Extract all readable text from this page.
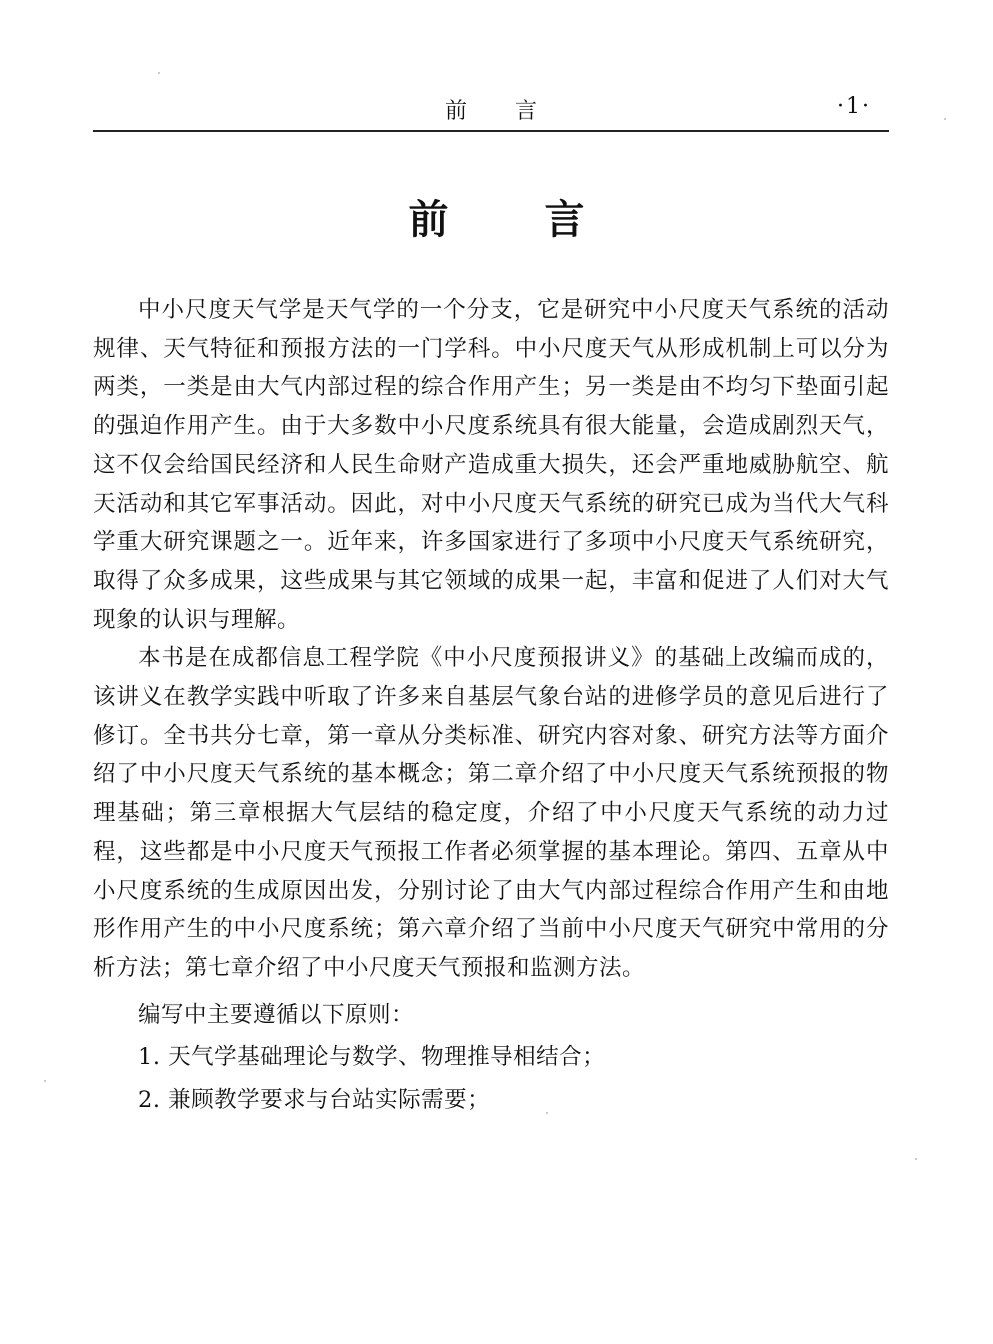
前言	·1·
前言

中小尺度天气学是天气学的一个分支，它是研究中小尺度天气系统的活动规律、天气特征和预报方法的一门学科。中小尺度天气从形成机制上可以分为两类，一类是由大气内部过程的综合作用产生；另一类是由不均匀下垫面引起的强迫作用产生。由于大多数中小尺度系统具有很大能量，会造成剧烈天气，这不仅会给国民经济和人民生命财产造成重大损失，还会严重地威胁航空、航天活动和其它军事活动。因此，对中小尺度天气系统的研究已成为当代大气科学重大研究课题之一。近年来，许多国家进行了多项中小尺度天气系统研究，取得了众多成果，这些成果与其它领域的成果一起，丰富和促进了人们对大气现象的认识与理解。

本书是在成都信息工程学院《中小尺度预报讲义》的基础上改编而成的，该讲义在教学实践中听取了许多来自基层气象台站的进修学员的意见后进行了修订。全书共分七章，第一章从分类标准、研究内容对象、研究方法等方面介绍了中小尺度天气系统的基本概念；第二章介绍了中小尺度天气系统预报的物理基础；第三章根据大气层结的稳定度，介绍了中小尺度天气系统的动力过程，这些都是中小尺度天气预报工作者必须掌握的基本理论。第四、五章从中小尺度系统的生成原因出发，分别讨论了由大气内部过程综合作用产生和由地形作用产生的中小尺度系统；第六章介绍了当前中小尺度天气研究中常用的分析方法；第七章介绍了中小尺度天气预报和监测方法。

编写中主要遵循以下原则：

1. 天气学基础理论与数学、物理推导相结合；

2. 兼顾教学要求与台站实际需要；
